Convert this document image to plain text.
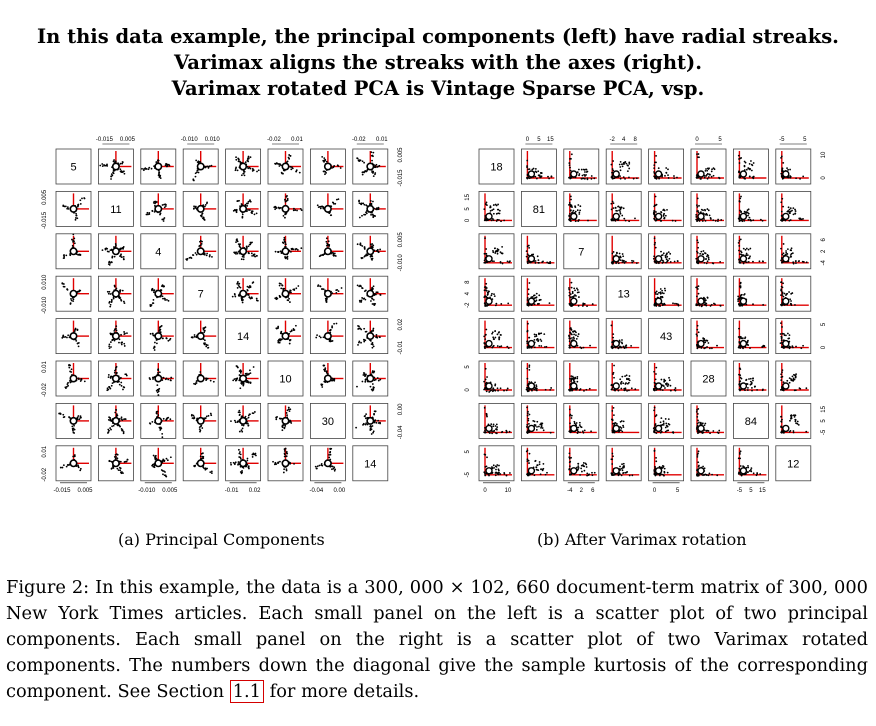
In this data example, the principal components (left) have radial streaks.
Varimax aligns the streaks with the axes (right).
Varimax rotated PCA is Vintage Sparse PCA, vsp.
5
11
4
7
14
10
30
14
-0.015 0.005	-0.010 0.010	-0.02 0.01	-0.02 0.01
-0.015 0.005	-0.010 0.005	-0.01 0.02	-0.04 0.00
-0.015
0.005
-0.010
0.010
-0.02
0.01
-0.02
0.01
-0.015
0.005
-0.010
0.005
-0.01
0.02
-0.04
0.00
18
81
7
13
43
28
84
12
0 5 15	-2 4 8	0	5	-5	5
0	10	-4 2 6	0	5	-5 5 15
0
5
15
-2
4
8
0
5
-5
5
0
10
-4
2
6
0
5
-5
5
15
(a) Principal Components	(b) After Varimax rotation
Figure 2: In this example, the data is a 300, 000 × 102, 660 document-term matrix of 300, 000 New York Times articles. Each small panel on the left is a scatter plot of two principal components. Each small panel on the right is a scatter plot of two Varimax rotated components. The numbers down the diagonal give the sample kurtosis of the corresponding component. See Section 1.1 for more details.
